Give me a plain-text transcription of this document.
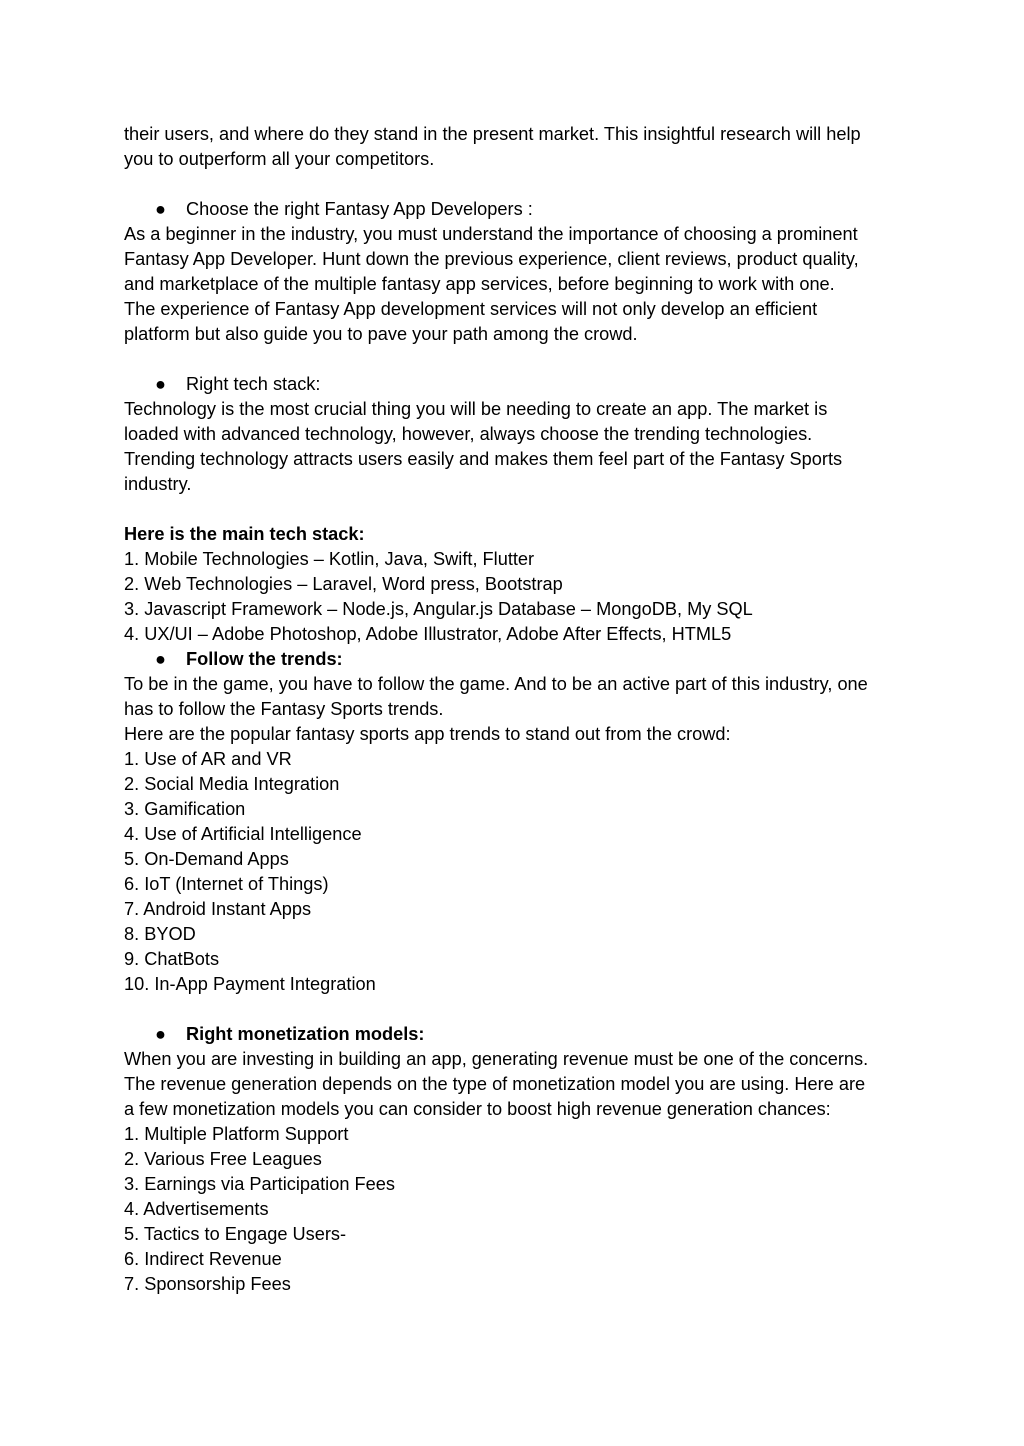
their users, and where do they stand in the present market. This insightful research will help
you to outperform all your competitors.
● Choose the right Fantasy App Developers :
As a beginner in the industry, you must understand the importance of choosing a prominent
Fantasy App Developer. Hunt down the previous experience, client reviews, product quality,
and marketplace of the multiple fantasy app services, before beginning to work with one.
The experience of Fantasy App development services will not only develop an efficient
platform but also guide you to pave your path among the crowd.
● Right tech stack:
Technology is the most crucial thing you will be needing to create an app. The market is
loaded with advanced technology, however, always choose the trending technologies.
Trending technology attracts users easily and makes them feel part of the Fantasy Sports
industry.
Here is the main tech stack:
1. Mobile Technologies – Kotlin, Java, Swift, Flutter
2. Web Technologies – Laravel, Word press, Bootstrap
3. Javascript Framework – Node.js, Angular.js Database – MongoDB, My SQL
4. UX/UI – Adobe Photoshop, Adobe Illustrator, Adobe After Effects, HTML5
● Follow the trends:
To be in the game, you have to follow the game. And to be an active part of this industry, one
has to follow the Fantasy Sports trends.
Here are the popular fantasy sports app trends to stand out from the crowd:
1. Use of AR and VR
2. Social Media Integration
3. Gamification
4. Use of Artificial Intelligence
5. On-Demand Apps
6. IoT (Internet of Things)
7. Android Instant Apps
8. BYOD
9. ChatBots
10. In-App Payment Integration
● Right monetization models:
When you are investing in building an app, generating revenue must be one of the concerns.
The revenue generation depends on the type of monetization model you are using. Here are
a few monetization models you can consider to boost high revenue generation chances:
1. Multiple Platform Support
2. Various Free Leagues
3. Earnings via Participation Fees
4. Advertisements
5. Tactics to Engage Users-
6. Indirect Revenue
7. Sponsorship Fees
